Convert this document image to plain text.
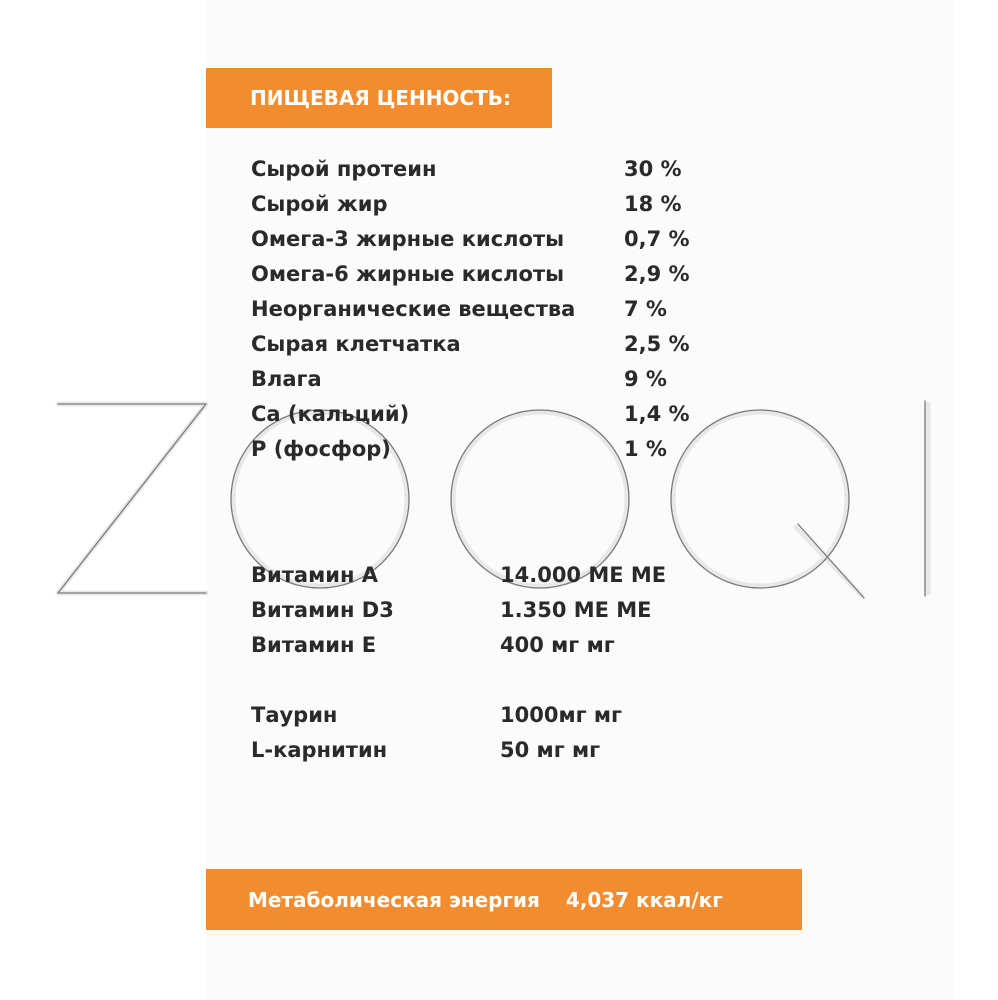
ПИЩЕВАЯ ЦЕННОСТЬ:
Сырой протеин	30 %
Сырой жир	18 %
Омега-3 жирные кислоты	0,7 %
Омега-6 жирные кислоты	2,9 %
Неорганические вещества 7 %
Сырая клетчатка	2,5 %
Влага	9 %
Ca (кальций)	1,4 %
P (фосфор)	1 %
Витамин A	14.000 ME ME
Витамин D3	1.350 ME ME
Витамин E	400 мг мг
Таурин	1000мг мг
L-карнитин	50 мг мг
Метаболическая энергия 4,037 ккал/кг
